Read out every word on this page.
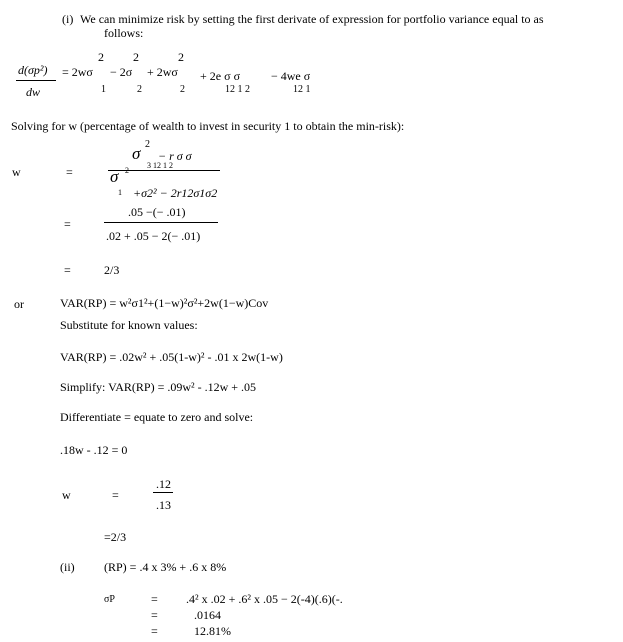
(i) We can minimize risk by setting the first derivate of expression for portfolio variance equal to as
follows:
d(σp²)
dw
2 2	2
= 2wσ − 2σ + 2wσ + 2e σ σ	− 4we σ
1	2	2	12 1 2	12 1
Solving for w (percentage of wealth to invest in security 1 to obtain the min-risk):
w	=
σ 2
− r σ σ
3 12 1 2
σ 2
1 +σ2² − 2r12σ1σ2
=
.05 −(− .01)
.02 + .05 − 2(− .01)
=	2/3
or	VAR(RP) = w²σ1²+(1−w)²σ²+2w(1−w)Cov
Substitute for known values:
VAR(RP) = .02w² + .05(1-w)² - .01 x 2w(1-w)
Simplify: VAR(RP) = .09w² - .12w + .05
Differentiate = equate to zero and solve:
.18w - .12 = 0
w	=
.12
.13
=2/3
(ii) (RP) = .4 x 3% + .6 x 8%
σP	= .4² x .02 + .6² x .05 − 2(-4)(.6)(-.
=	.0164
=	12.81%
